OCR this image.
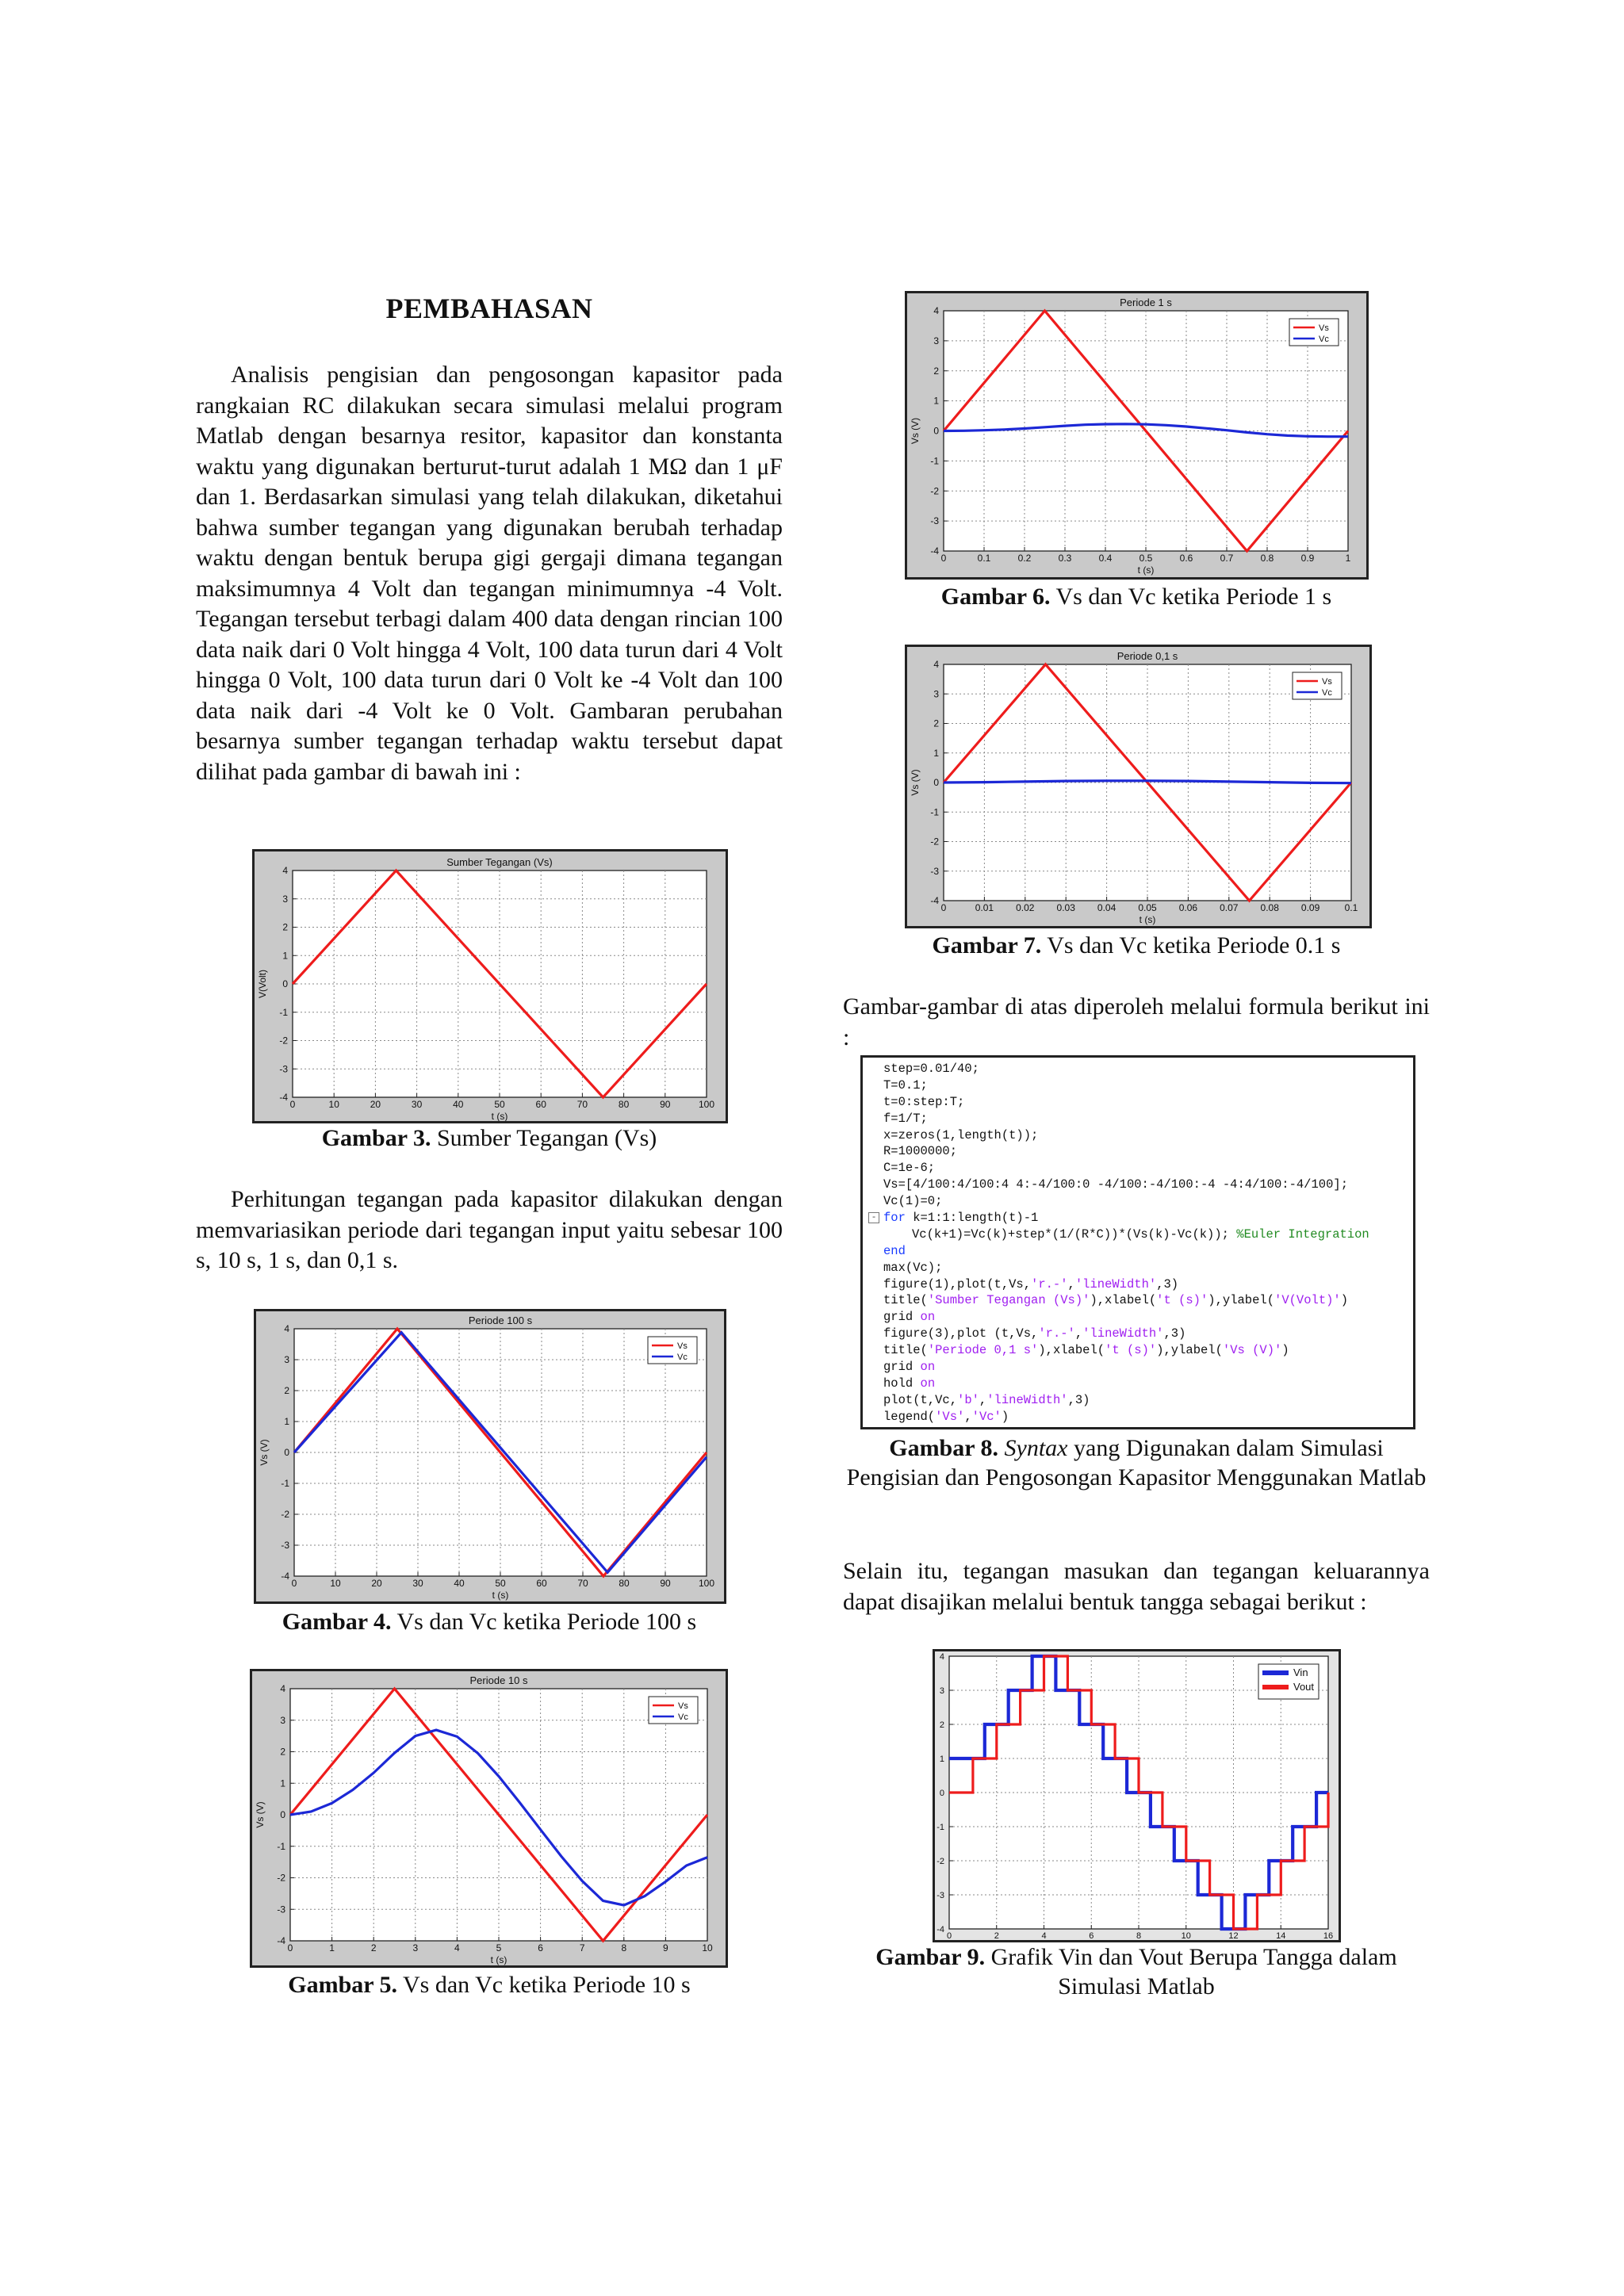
PEMBAHASAN

Analisis pengisian dan pengosongan kapasitor pada rangkaian RC dilakukan secara simulasi melalui program Matlab dengan besarnya resitor, kapasitor dan konstanta waktu yang digunakan berturut-turut adalah 1 MΩ dan 1 μF dan 1. Berdasarkan simulasi yang telah dilakukan, diketahui bahwa sumber tegangan yang digunakan berubah terhadap waktu dengan bentuk berupa gigi gergaji dimana tegangan maksimumnya 4 Volt dan tegangan minimumnya -4 Volt. Tegangan tersebut terbagi dalam 400 data dengan rincian 100 data naik dari 0 Volt hingga 4 Volt, 100 data turun dari 4 Volt hingga 0 Volt, 100 data turun dari 0 Volt ke -4 Volt dan 100 data naik dari -4 Volt ke 0 Volt. Gambaran perubahan besarnya sumber tegangan terhadap waktu tersebut dapat dilihat pada gambar di bawah ini :

0	10	20	30	40	50	60	70	80	90	100
-4
-3
-2
-1
0
1
2
3
4
Sumber Tegangan (Vs)
t (s)
V(Volt)
Gambar 3. Sumber Tegangan (Vs)

Perhitungan tegangan pada kapasitor dilakukan dengan memvariasikan periode dari tegangan input yaitu sebesar 100 s, 10 s, 1 s, dan 0,1 s.

0	10	20	30	40	50	60	70	80	90	100
-4
-3
-2
-1
0
1
2
3
4
Periode 100 s
t (s)
Vs (V)
Vs
Vc
Gambar 4. Vs dan Vc ketika Periode 100 s
0	1	2	3	4	5	6	7	8	9	10
-4
-3
-2
-1
0
1
2
3
4
Periode 10 s
t (s)
Vs (V)
Vs
Vc
Gambar 5. Vs dan Vc ketika Periode 10 s
0	0.1	0.2	0.3	0.4	0.5	0.6	0.7	0.8	0.9	1
-4
-3
-2
-1
0
1
2
3
4
Periode 1 s
t (s)
Vs (V)
Vs
Vc
Gambar 6. Vs dan Vc ketika Periode 1 s
0	0.01 0.02 0.03 0.04 0.05 0.06 0.07 0.08 0.09	0.1
-4
-3
-2
-1
0
1
2
3
4
Periode 0,1 s
t (s)
Vs (V)
Vs
Vc
Gambar 7. Vs dan Vc ketika Periode 0.1 s

Gambar-gambar di atas diperoleh melalui formula berikut ini :

step=0.01/40;
T=0.1;
t=0:step:T;
f=1/T;
x=zeros(1,length(t));
R=1000000;
C=1e-6;
Vs=[4/100:4/100:4 4:-4/100:0 -4/100:-4/100:-4 -4:4/100:-4/100];
Vc(1)=0;
- for k=1:1:length(t)-1
Vc(k+1)=Vc(k)+step*(1/(R*C))*(Vs(k)-Vc(k)); %Euler Integration
end
max(Vc);
figure(1),plot(t,Vs,'r.-','lineWidth',3)
title('Sumber Tegangan (Vs)'),xlabel('t (s)'),ylabel('V(Volt)')
grid on
figure(3),plot (t,Vs,'r.-','lineWidth',3)
title('Periode 0,1 s'),xlabel('t (s)'),ylabel('Vs (V)')
grid on
hold on
plot(t,Vc,'b','lineWidth',3)
legend('Vs','Vc')
Gambar 8. Syntax yang Digunakan dalam Simulasi Pengisian dan Pengosongan Kapasitor Menggunakan Matlab

Selain itu, tegangan masukan dan tegangan keluarannya dapat disajikan melalui bentuk tangga sebagai berikut :

0	2	4	6	8	10	12	14	16
-4
-3
-2
-1
0
1
2
3
4
Vin
Vout
Gambar 9. Grafik Vin dan Vout Berupa Tangga dalam Simulasi Matlab
